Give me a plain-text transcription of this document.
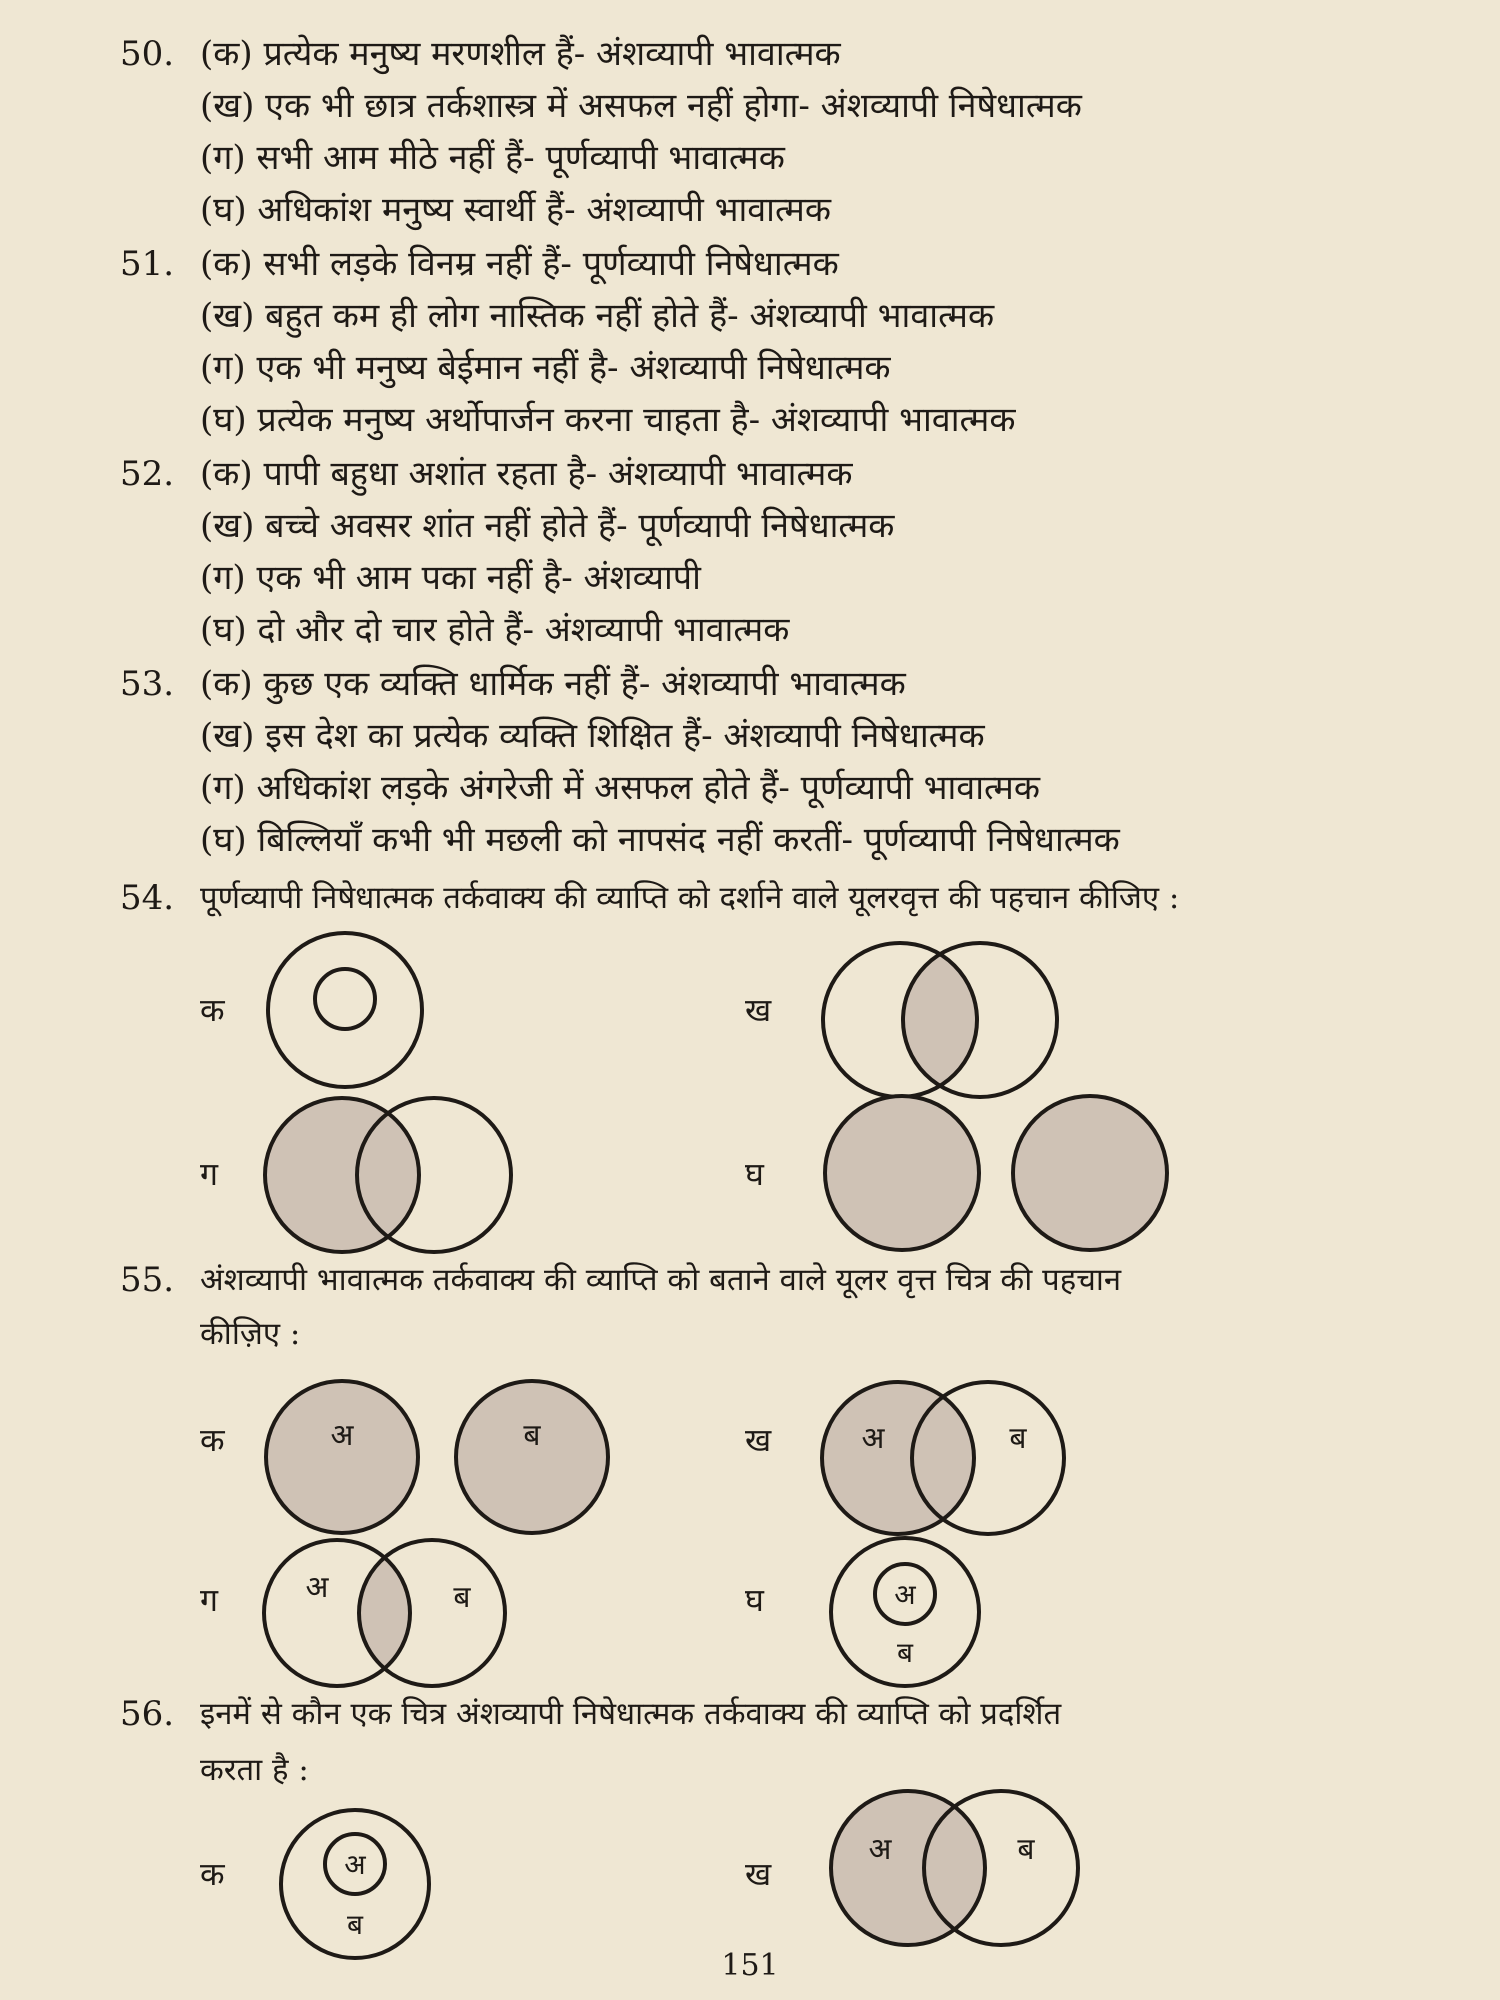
50. (क) प्रत्येक मनुष्य मरणशील हैं- अंशव्यापी भावात्मक
(ख) एक भी छात्र तर्कशास्त्र में असफल नहीं होगा- अंशव्यापी निषेधात्मक
(ग) सभी आम मीठे नहीं हैं- पूर्णव्यापी भावात्मक
(घ) अधिकांश मनुष्य स्वार्थी हैं- अंशव्यापी भावात्मक
51. (क) सभी लड़के विनम्र नहीं हैं- पूर्णव्यापी निषेधात्मक
(ख) बहुत कम ही लोग नास्तिक नहीं होते हैं- अंशव्यापी भावात्मक
(ग) एक भी मनुष्य बेईमान नहीं है- अंशव्यापी निषेधात्मक
(घ) प्रत्येक मनुष्य अर्थोपार्जन करना चाहता है- अंशव्यापी भावात्मक
52. (क) पापी बहुधा अशांत रहता है- अंशव्यापी भावात्मक
(ख) बच्चे अवसर शांत नहीं होते हैं- पूर्णव्यापी निषेधात्मक
(ग) एक भी आम पका नहीं है- अंशव्यापी
(घ) दो और दो चार होते हैं- अंशव्यापी भावात्मक
53. (क) कुछ एक व्यक्ति धार्मिक नहीं हैं- अंशव्यापी भावात्मक
(ख) इस देश का प्रत्येक व्यक्ति शिक्षित हैं- अंशव्यापी निषेधात्मक
(ग) अधिकांश लड़के अंगरेजी में असफल होते हैं- पूर्णव्यापी भावात्मक
(घ) बिल्लियाँ कभी भी मछली को नापसंद नहीं करतीं- पूर्णव्यापी निषेधात्मक
54. पूर्णव्यापी निषेधात्मक तर्कवाक्य की व्याप्ति को दर्शाने वाले यूलरवृत्त की पहचान कीजिए :
क	ख
ग	घ
55. अंशव्यापी भावात्मक तर्कवाक्य की व्याप्ति को बताने वाले यूलर वृत्त चित्र की पहचान
कीज़िए :
क	ख
ग	घ
अ	ब	अ	ब
अ	ब	अ
ब
56. इनमें से कौन एक चित्र अंशव्यापी निषेधात्मक तर्कवाक्य की व्याप्ति को प्रदर्शित
करता है :
क	ख
अ
ब
अ	ब
151
